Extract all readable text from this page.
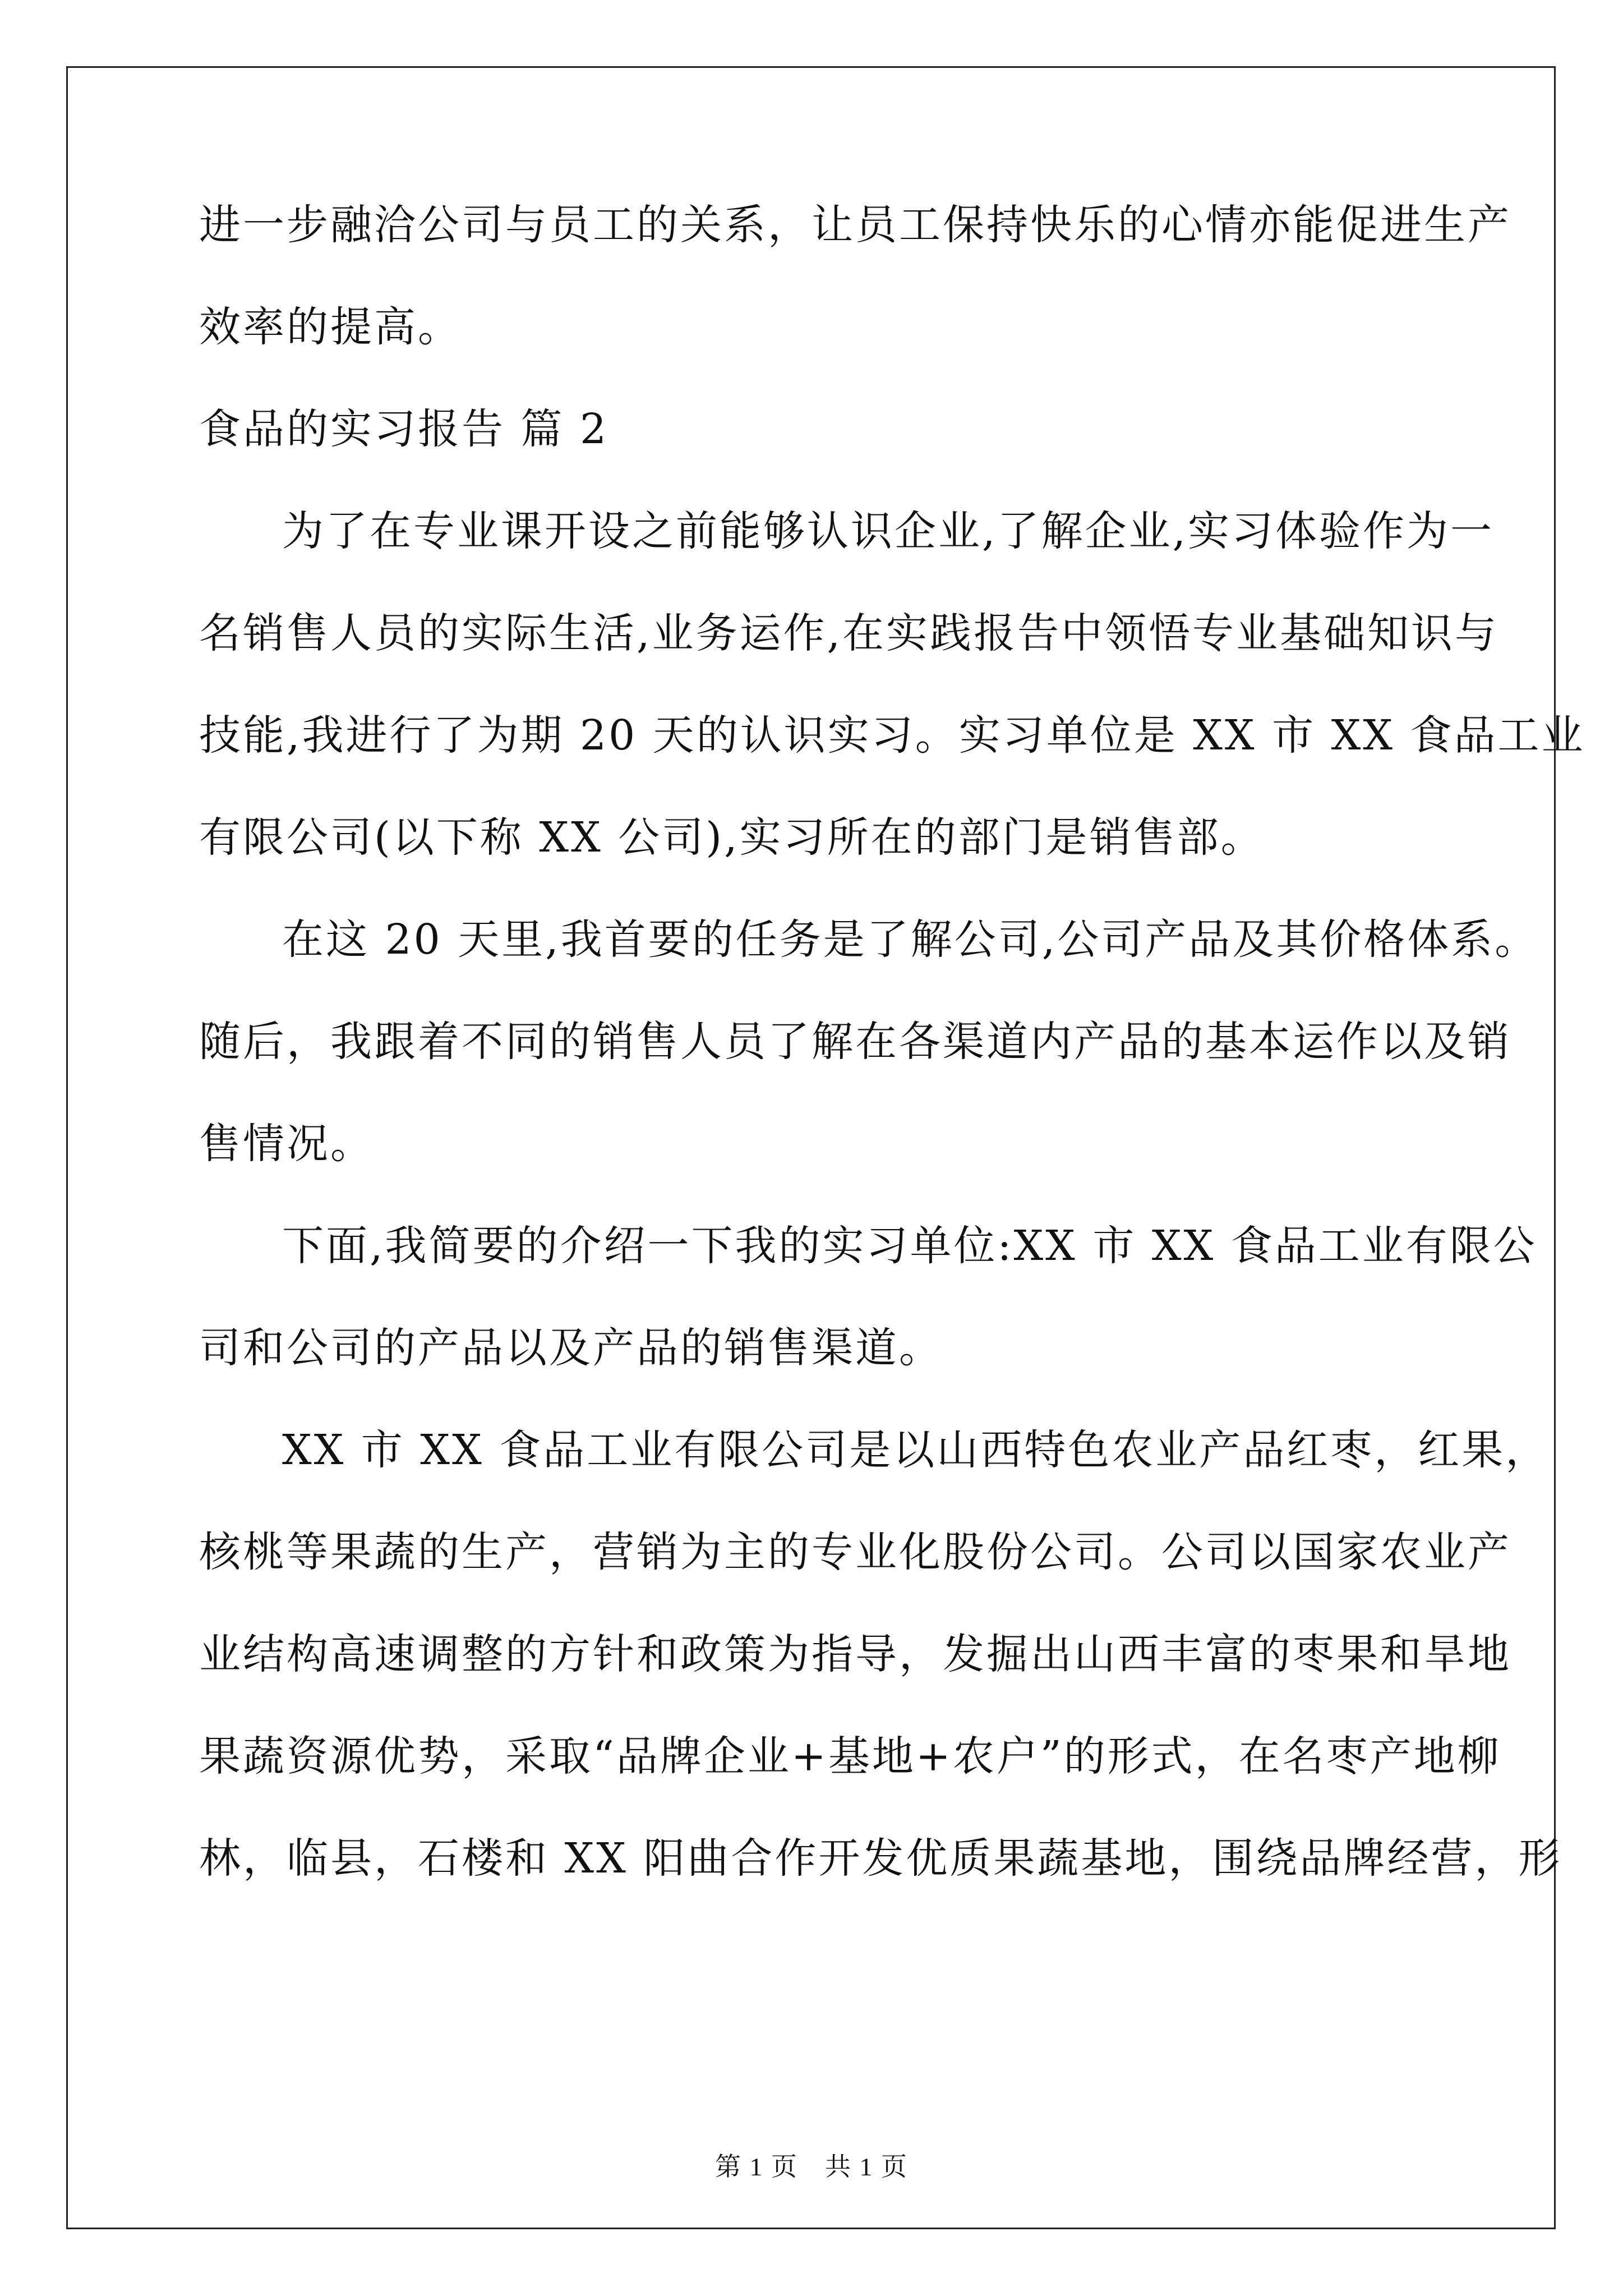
进一步融洽公司与员工的关系，让员工保持快乐的心情亦能促进生产

效率的提高。

食品的实习报告 篇 2

为了在专业课开设之前能够认识企业,了解企业,实习体验作为一

名销售人员的实际生活,业务运作,在实践报告中领悟专业基础知识与

技能,我进行了为期 20 天的认识实习。实习单位是 XX 市 XX 食品工业

有限公司(以下称 XX 公司),实习所在的部门是销售部。

在这 20 天里,我首要的任务是了解公司,公司产品及其价格体系。

随后，我跟着不同的销售人员了解在各渠道内产品的基本运作以及销

售情况。

下面,我简要的介绍一下我的实习单位:XX 市 XX 食品工业有限公

司和公司的产品以及产品的销售渠道。

XX 市 XX 食品工业有限公司是以山西特色农业产品红枣，红果，

核桃等果蔬的生产，营销为主的专业化股份公司。公司以国家农业产

业结构高速调整的方针和政策为指导，发掘出山西丰富的枣果和旱地

果蔬资源优势，采取“品牌企业+基地+农户”的形式，在名枣产地柳

林，临县，石楼和 XX 阳曲合作开发优质果蔬基地，围绕品牌经营，形

第 1 页　共 1 页
